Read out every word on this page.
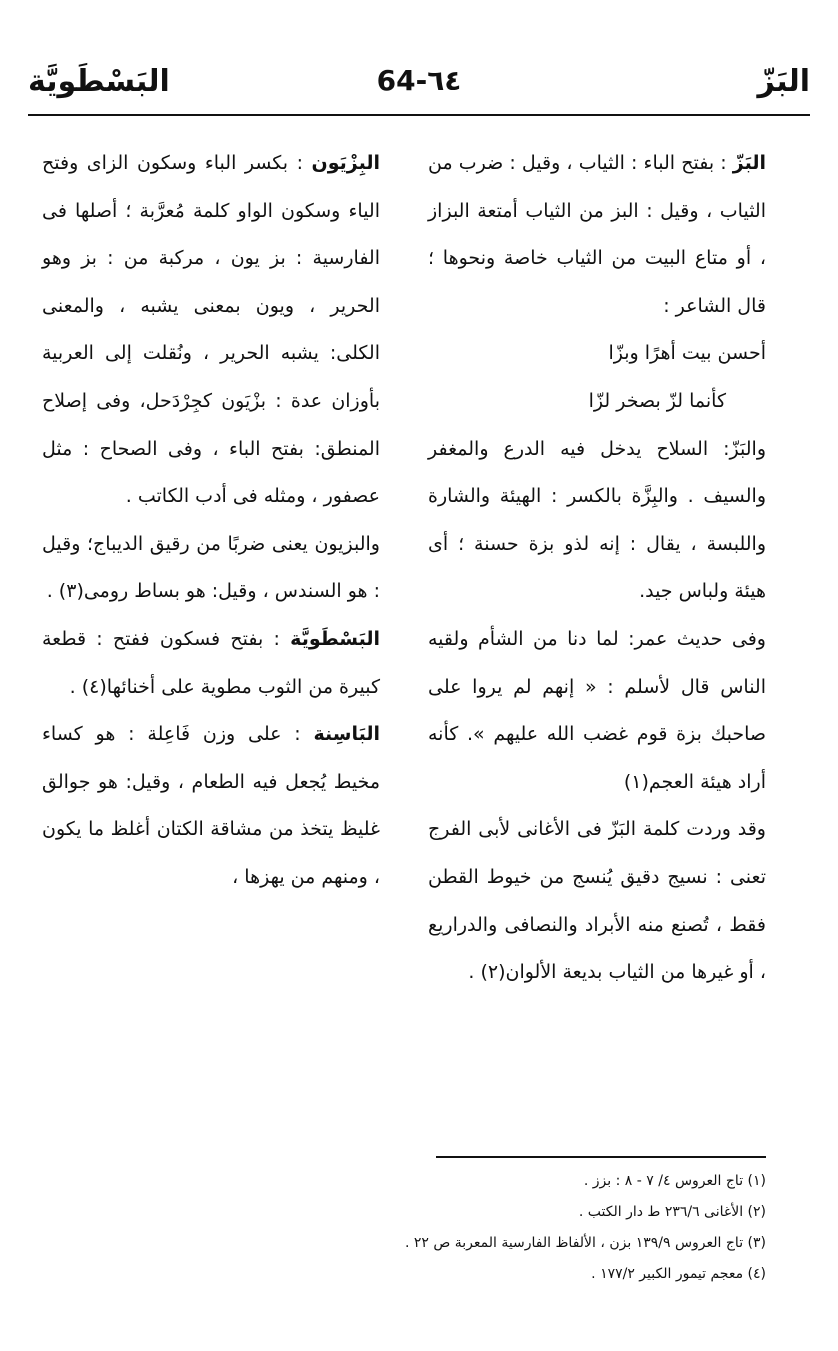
البَسْطَويَّة	64-٦٤	البَزّ

البَزّ : بفتح الباء : الثياب ، وقيل : ضرب من الثياب ، وقيل : البز من الثياب أمتعة البزاز ، أو متاع البيت من الثياب خاصة ونحوها ؛ قال الشاعر :

أحسن بيت أهرًا وبزّا

كأنما لزّ بصخر لزّا

والبَزّ: السلاح يدخل فيه الدرع والمغفر والسيف . والبِزَّة بالكسر : الهيئة والشارة واللبسة ، يقال : إنه لذو بزة حسنة ؛ أى هيئة ولباس جيد.

وفى حديث عمر: لما دنا من الشأم ولقيه الناس قال لأسلم : « إنهم لم يروا على صاحبك بزة قوم غضب الله عليهم ». كأنه أراد هيئة العجم(١)

وقد وردت كلمة البَزّ فى الأغانى لأبى الفرج تعنى : نسيج دقيق يُنسج من خيوط القطن فقط ، تُصنع منه الأبراد والنصافى والدراريع ، أو غيرها من الثياب بديعة الألوان(٢) .

البِزْيَون : بكسر الباء وسكون الزاى وفتح الياء وسكون الواو كلمة مُعرَّبة ؛ أصلها فى الفارسية : بز يون ، مركبة من : بز وهو الحرير ، ويون بمعنى يشبه ، والمعنى الكلى: يشبه الحرير ، ونُقلت إلى العربية بأوزان عدة : بزْيَون كجِرْدَحل، وفى إصلاح المنطق: بفتح الباء ، وفى الصحاح : مثل عصفور ، ومثله فى أدب الكاتب .

والبزيون يعنى ضربًا من رقيق الديباج؛ وقيل : هو السندس ، وقيل: هو بساط رومى(٣) .

البَسْطَويَّة : بفتح فسكون ففتح : قطعة كبيرة من الثوب مطوية على أخنائها(٤) .

البَاسِنة : على وزن فَاعِلة : هو كساء مخيط يُجعل فيه الطعام ، وقيل: هو جوالق غليظ يتخذ من مشاقة الكتان أغلظ ما يكون ، ومنهم من يهزها ،

(١) تاج العروس ٤/ ٧ - ٨ : بزز .
(٢) الأغانى ٢٣٦/٦ ط دار الكتب .
(٣) تاج العروس ١٣٩/٩ بزن ، الألفاظ الفارسية المعربة ص ٢٢ .
(٤) معجم تيمور الكبير ١٧٧/٢ .
